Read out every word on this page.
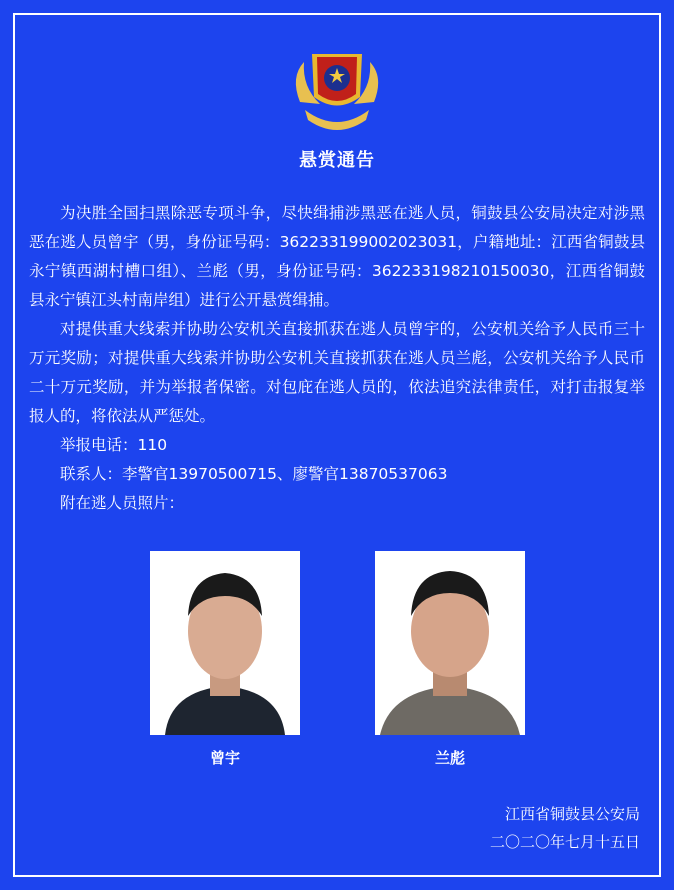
悬赏通告

为决胜全国扫黑除恶专项斗争，尽快缉捕涉黑恶在逃人员，铜鼓县公安局决定对涉黑恶在逃人员曾宇（男，身份证号码：362233199002023031，户籍地址：江西省铜鼓县永宁镇西湖村槽口组）、兰彪（男，身份证号码：362233198210150030，江西省铜鼓县永宁镇江头村南岸组）进行公开悬赏缉捕。

对提供重大线索并协助公安机关直接抓获在逃人员曾宇的，公安机关给予人民币三十万元奖励；对提供重大线索并协助公安机关直接抓获在逃人员兰彪，公安机关给予人民币二十万元奖励，并为举报者保密。对包庇在逃人员的，依法追究法律责任，对打击报复举报人的，将依法从严惩处。

举报电话：110

联系人：李警官13970500715、廖警官13870537063

附在逃人员照片：

曾宇	兰彪
江西省铜鼓县公安局
二〇二〇年七月十五日
